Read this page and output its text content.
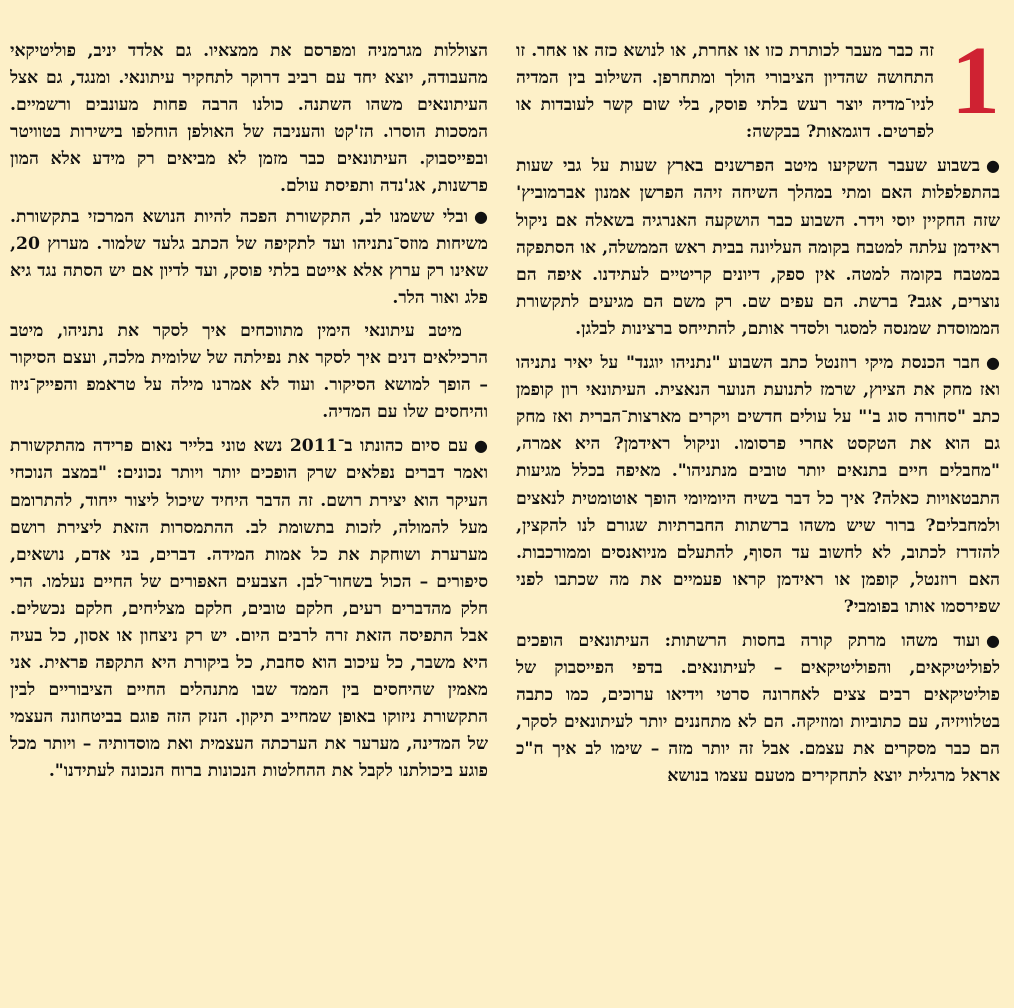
1
זה כבר מעבר לכותרת כזו או אחרת, או לנושא כזה או אחר. זו התחושה שהדיון הציבורי הולך ומתחרפן. השילוב בין המדיה לניו־מדיה יוצר רעש בלתי פוסק, בלי שום קשר לעובדות או לפרטים. דוגמאות? בבקשה:

●בשבוע שעבר השקיעו מיטב הפרשנים בארץ שעות על גבי שעות בהתפלפלות האם ומתי במהלך השיחה זיהה הפרשן אמנון אברמוביץ' שזה החקיין יוסי וידר. השבוע כבר הושקעה האנרגיה בשאלה אם ניקול ראידמן עלתה למטבח בקומה העליונה בבית ראש הממשלה, או הסתפקה במטבח בקומה למטה. אין ספק, דיונים קריטיים לעתידנו. איפה הם נוצרים, אגב? ברשת. הם עפים שם. רק משם הם מגיעים לתקשורת הממוסדת שמנסה למסגר ולסדר אותם, להתייחס ברצינות לבלגן.

●חבר הכנסת מיקי רוזנטל כתב השבוע "נתניהו יוגנד" על יאיר נתניהו ואז מחק את הציוץ, שרמז לתנועת הנוער הנאצית. העיתונאי רון קופמן כתב "סחורה סוג ב'" על עולים חדשים ויקרים מארצות־הברית ואז מחק גם הוא את הטקסט אחרי פרסומו. וניקול ראידמן? היא אמרה, "מחבלים חיים בתנאים יותר טובים מנתניהו". מאיפה בכלל מגיעות התבטאויות כאלה? איך כל דבר בשיח היומיומי הופך אוטומטית לנאצים ולמחבלים? ברור שיש משהו ברשתות החברתיות שגורם לנו להקצין, להזדרז לכתוב, לא לחשוב עד הסוף, להתעלם מניואנסים וממורכבות. האם רוזנטל, קופמן או ראידמן קראו פעמיים את מה שכתבו לפני שפירסמו אותו בפומבי?

●ועוד משהו מרתק קורה בחסות הרשתות: העיתונאים הופכים לפוליטיקאים, והפוליטיקאים – לעיתונאים. בדפי הפייסבוק של פוליטיקאים רבים צצים לאחרונה סרטי וידיאו ערוכים, כמו כתבה בטלוויזיה, עם כתוביות ומוזיקה. הם לא מתחננים יותר לעיתונאים לסקר, הם כבר מסקרים את עצמם. אבל זה יותר מזה – שימו לב איך ח"כ אראל מרגלית יוצא לתחקירים מטעם עצמו בנושא

הצוללות מגרמניה ומפרסם את ממצאיו. גם אלדד יניב, פוליטיקאי מהעבודה, יוצא יחד עם רביב דרוקר לתחקיר עיתונאי. ומנגד, גם אצל העיתונאים משהו השתנה. כולנו הרבה פחות מעונבים ורשמיים. המסכות הוסרו. הז'קט והעניבה של האולפן הוחלפו בישירות בטוויטר ובפייסבוק. העיתונאים כבר מזמן לא מביאים רק מידע אלא המון פרשנות, אג'נדה ותפיסת עולם.

●ובלי ששמנו לב, התקשורת הפכה להיות הנושא המרכזי בתקשורת. משיחות מוזס־נתניהו ועד לתקיפה של הכתב גלעד שלמור. מערוץ 20, שאינו רק ערוץ אלא אייטם בלתי פוסק, ועד לדיון אם יש הסתה נגד גיא פלג ואור הלר.

מיטב עיתונאי הימין מתווכחים איך לסקר את נתניהו, מיטב הרכילאים דנים איך לסקר את נפילתה של שלומית מלכה, ועצם הסיקור – הופך למושא הסיקור. ועוד לא אמרנו מילה על טראמפ והפייק־ניוז והיחסים שלו עם המדיה.

●עם סיום כהונתו ב־2011 נשא טוני בלייר נאום פרידה מהתקשורת ואמר דברים נפלאים שרק הופכים יותר ויותר נכונים: "במצב הנוכחי העיקר הוא יצירת רושם. זה הדבר היחיד שיכול ליצור ייחוד, להתרומם מעל להמולה, לזכות בתשומת לב. ההתמסרות הזאת ליצירת רושם מערערת ושוחקת את כל אמות המידה. דברים, בני אדם, נושאים, סיפורים – הכול בשחור־לבן. הצבעים האפורים של החיים נעלמו. הרי חלק מהדברים רעים, חלקם טובים, חלקם מצליחים, חלקם נכשלים. אבל התפיסה הזאת זרה לרבים היום. יש רק ניצחון או אסון, כל בעיה היא משבר, כל עיכוב הוא סחבת, כל ביקורת היא התקפה פראית. אני מאמין שהיחסים בין הממד שבו מתנהלים החיים הציבוריים לבין התקשורת ניזוקו באופן שמחייב תיקון. הנזק הזה פוגם בביטחונה העצמי של המדינה, מערער את הערכתה העצמית ואת מוסדותיה – ויותר מכל פוגע ביכולתנו לקבל את ההחלטות הנכונות ברוח הנכונה לעתידנו".
